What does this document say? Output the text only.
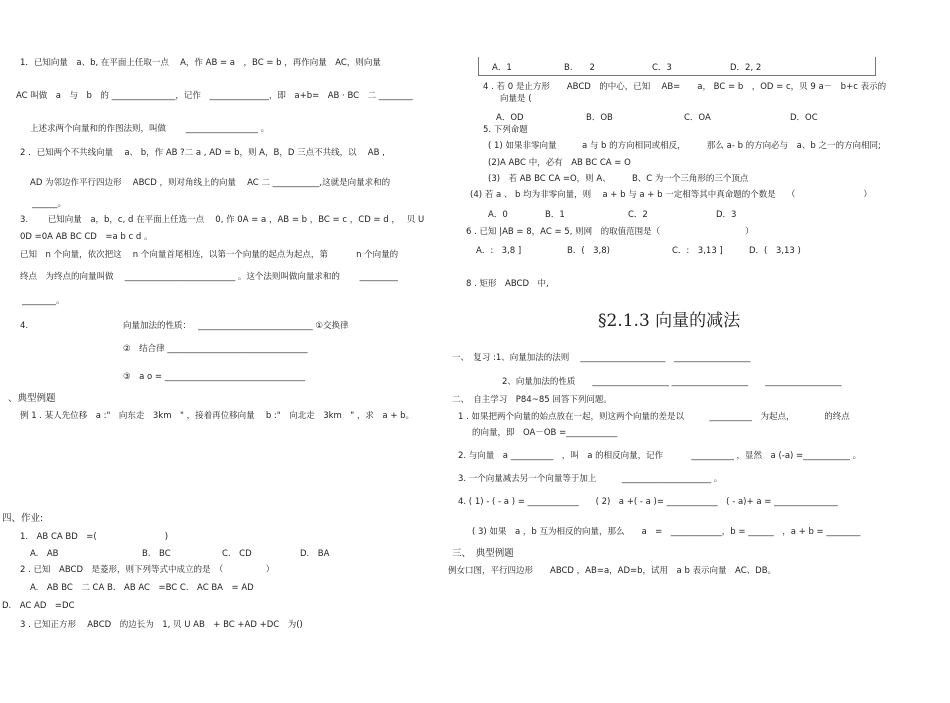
1．已知向量　a、b, 在平面上任取一点　 A，作 AB = a　，BC = b ，再作向量　AC，则向量
AC 叫做　a　与　b　的 _______________，记作　______________，即　a+b=　AB · BC　二 ________
上述求两个向量和的作图法则，叫做　　 _________________ 。
2 ．已知两个不共线向量　 a、 b，作 AB ?二 a , AD = b，则 A，B，D 三点不共线，以　 AB ,
AD 为邻边作平行四边形　 ABCD ，则对角线上的向量　 AC 二 ___________,这就是向量求和的
______。
3.　　 已知向量　a，b，c, d 在平面上任选一点　 0, 作 0A = a ，AB = b ，BC = c ，CD = d ，　 贝 U
0D =0A AB BC CD　=a b c d 。
已知　n 个向量，依次把这　 n 个向量首尾相连，以第一个向量的起点为起点，第　　　 n 个向量的
终点　为终点的向量叫做　 __________________________ 。这个法则叫做向量求和的　　 _________
________。
4.	向量加法的性质：　 ___________________________ ①交换律
②　结合律 _________________________________
③　a o = _________________________________
、典型例题
例 1 . 某人先位移　a :"　向东走　3km　" ，接着再位移向量　 b :"　向北走　3km　" ，求　a + b。
四、作业:
1.　AB CA BD　=(　　　　　　　　)
A.　AB	B.　BC	C.　CD	D.　BA
2 . 已知　ABCD　是菱形，则下列等式中成立的是　（　　　　　）
A.　AB BC　二 CA B.　AB AC　=BC C.　AC BA　= AD
D.　AC AD　=DC
3 . 已知正方形　 ABCD　的边长为　1, 贝 U AB　+ BC +AD +DC　为()
A．1	B.　　2	C．3	D．2, 2
4 . 若 0 是止方形　　ABCD　的中心，已知　 AB=　　a， BC = b　，OD = c，贝 9 a－　b+c 表示的
向量是 (
A．OD	B．OB	C．OA	D．OC
5. 下列命题
( 1) 如果非零向量　　　a 与 b 的方向相同或相反，　　　那么 a- b 的方向必与　a、b 之一的方向相同;
(2)A ABC 中，必有　AB BC CA = O
(3)　若 AB BC CA =O，则 A、　　　B、C 为一个三角形的三个顶点
(4) 若 a 、 b 均为非零向量，则　 a + b 与 a + b 一定相等其中真命题的个数是　 （　　　　　　　　）
A．0	B．1	C．2	D．3
6 . 已知 |AB = 8，AC = 5, 则网　的取值范围是（　　　　　　　　　　）
A．:　3,8 ]	B．(　3,8)	C．:　3,13 ]	D．(　3,13 )
8 . 矩形　ABCD　中,
§2.1.3 向量的减法
一、　复习 :1、向量加法的法则　 ____________________　__________________
2、向量加法的性质　　__________________ __________________　　__________________
二、　自主学习　P84~85 回答下列问题。
1 . 如果把两个向量的始点放在一起，则这两个向量的差是以　　　__________　为起点，　　　　的终点
的向量，即　OA－OB =____________
2. 与向量　a __________　，叫　a 的相反向量，记作　　　 __________ ，显然　a (-a) =___________ 。
3. 一个向量减去另一个向量等于加上　　　_____________________ 。
4. ( 1) - ( - a ) = ____________　　( 2)　a +( - a )= ____________　( - a)+ a = _______________
( 3) 如果　a ，b 互为相反的向量，那么　　a　=　____________，b = ______　，a + b = ________
三、　典型例题
例女口图，平行四边形　　ABCD ，AB=a，AD=b，试用　a b 表示向量　AC、DB。
